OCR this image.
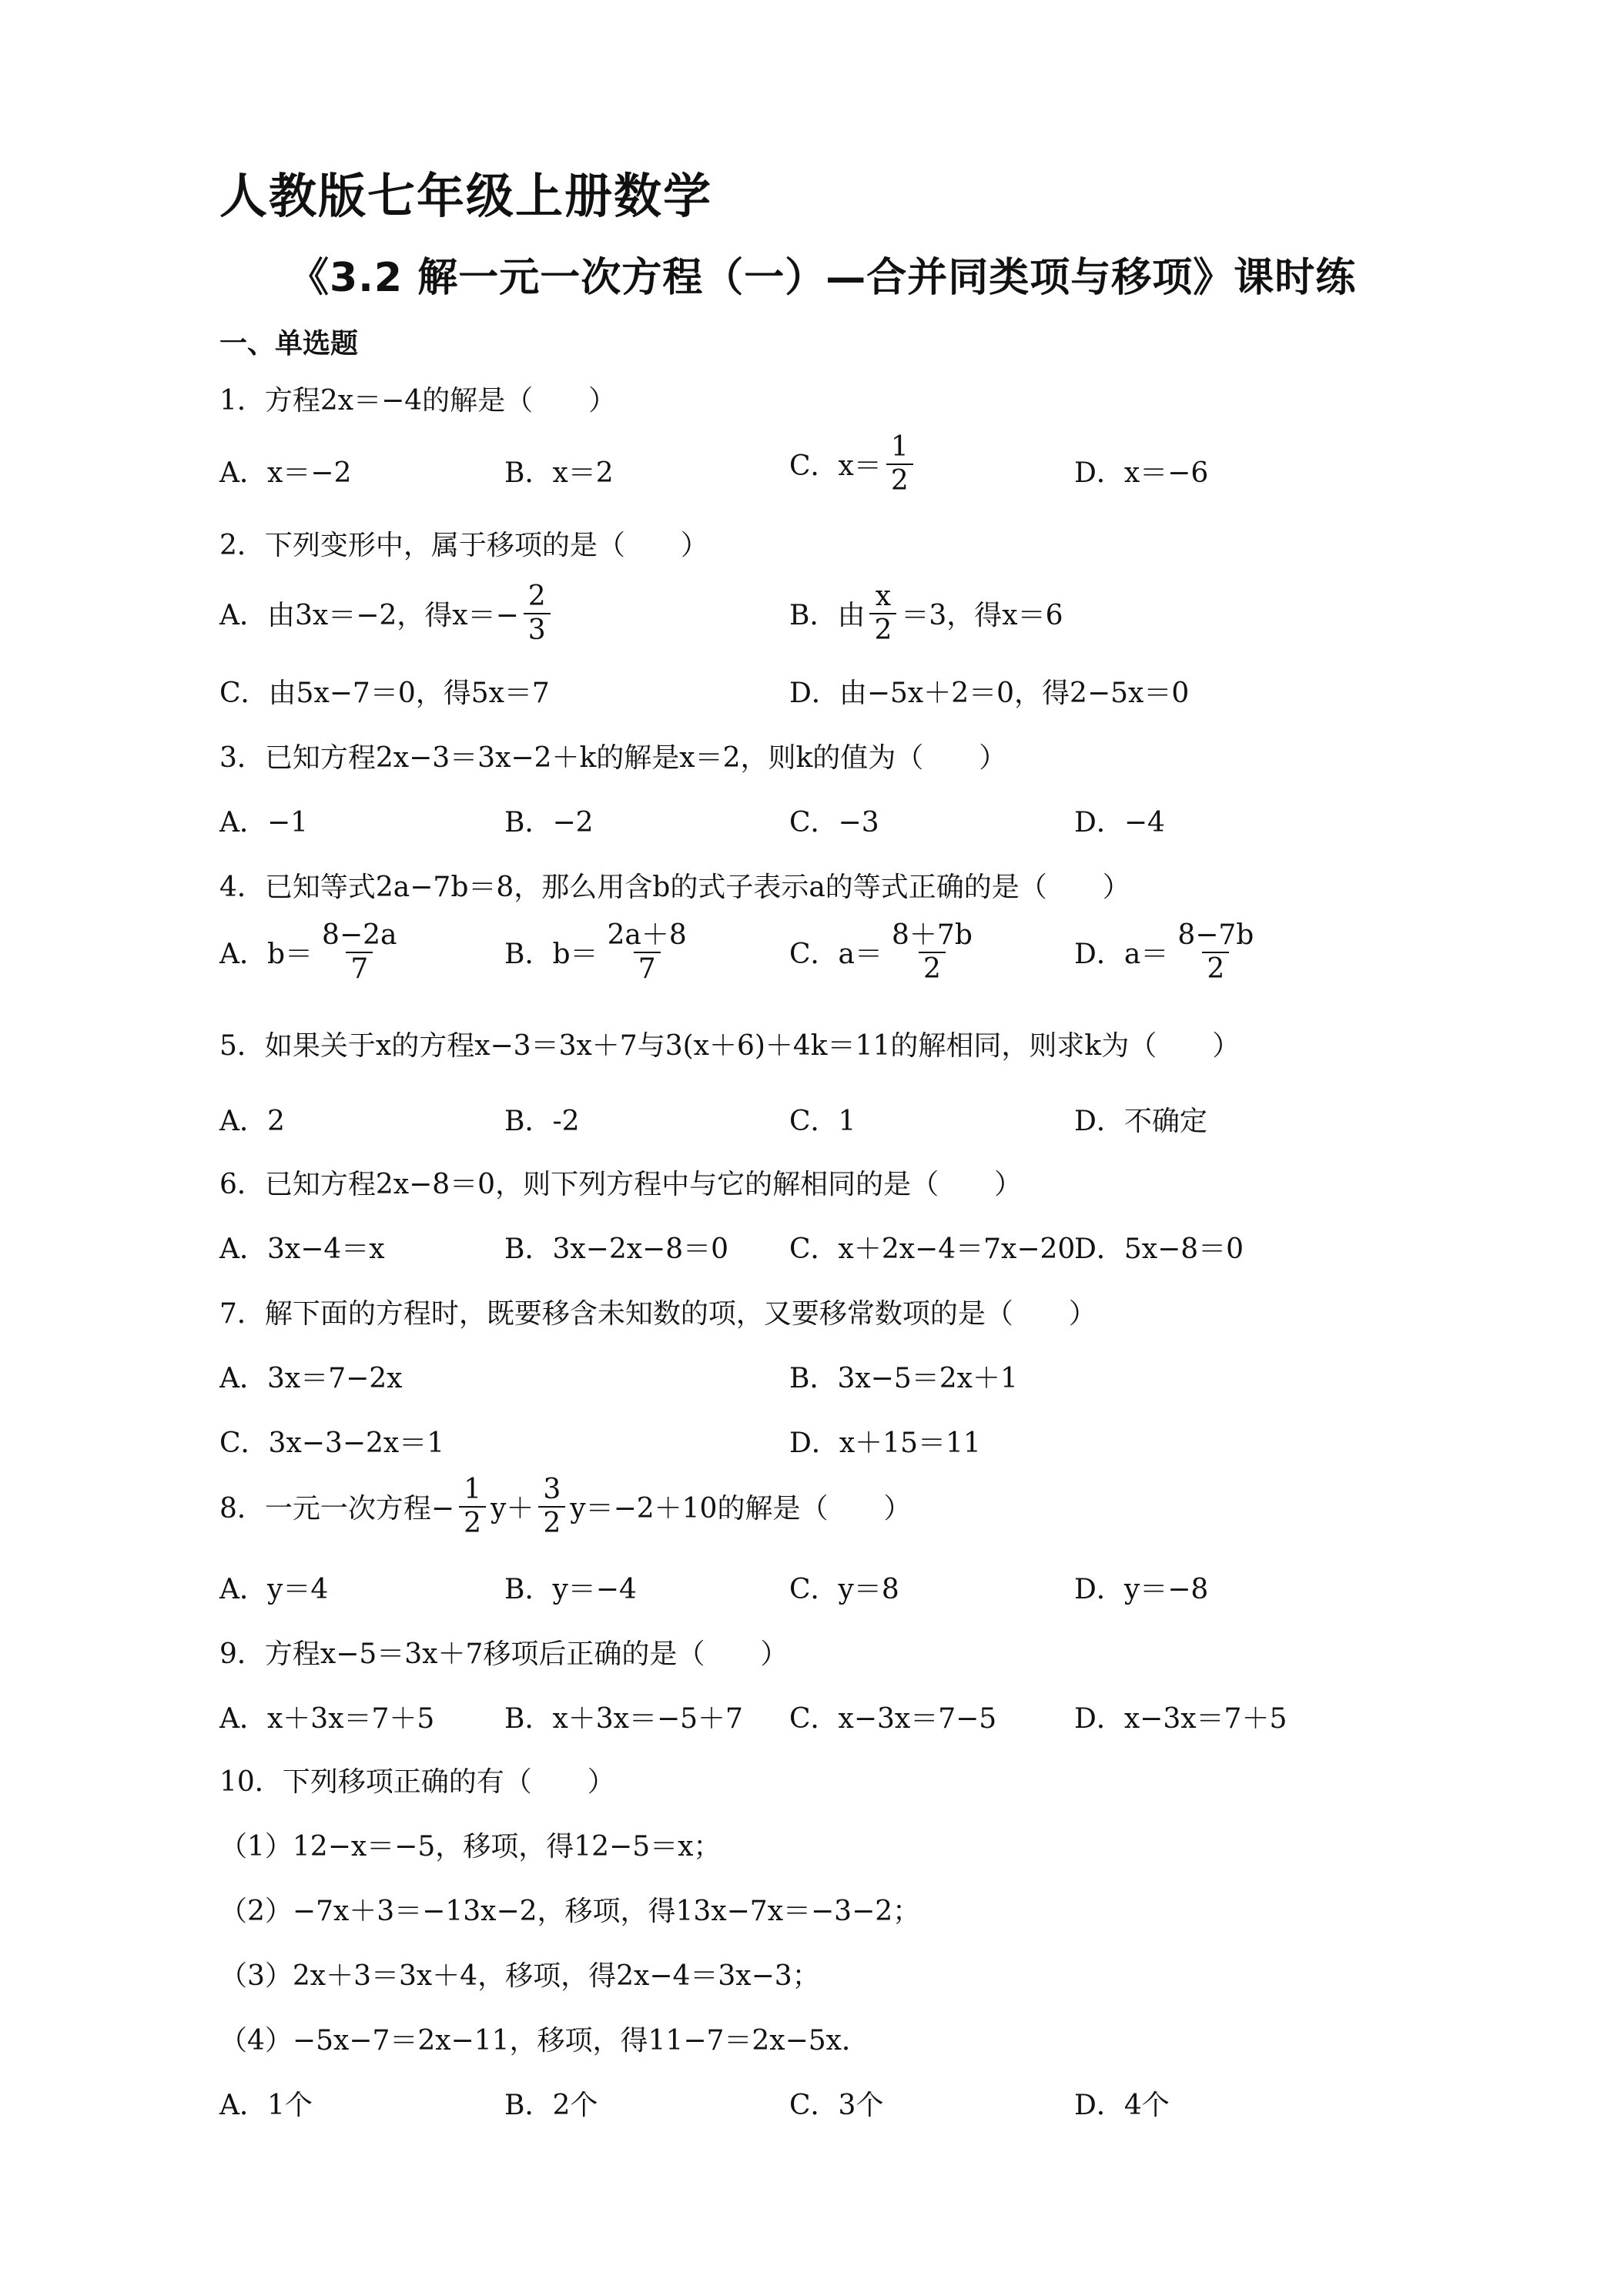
人教版七年级上册数学
《3.2 解一元一次方程（一）—合并同类项与移项》课时练
一、单选题
1．方程2x＝−4的解是（　　）
A．x＝−2	B．x＝2	C．$x= \frac{1}{2}$	D．x＝−6
2．下列变形中，属于移项的是（　　）
A．由3x＝−2，得$x=- \frac{2}{3}$	B．由 $\frac{x}{2} =3$，得x＝6
C．由5x−7＝0，得5x＝7	D．由−5x＋2＝0，得2−5x＝0
3．已知方程2x−3＝3x−2＋k的解是x＝2，则k的值为（　　）
A．−1	B．−2	C．−3	D．−4
4．已知等式2a−7b＝8，那么用含b的式子表示a的等式正确的是（　　）
A．$b= \frac{8-2a}{7}$	B．$b= \frac{2a+8}{7}$	C．$a= \frac{8+7b}{2}$	D．$a= \frac{8-7b}{2}$
5．如果关于x的方程x−3＝3x＋7与3(x＋6)＋4k＝11的解相同，则求k为（　　）
A．2	B．-2	C．1	D．不确定
6．已知方程2x−8＝0，则下列方程中与它的解相同的是（　　）
A．3x−4＝x	B．3x−2x−8＝0 C．x＋2x−4＝7x−20
D．5x−8＝0
7．解下面的方程时，既要移含未知数的项，又要移常数项的是（　　）
A．3x＝7−2x	B．3x−5＝2x＋1
C．3x−3−2x＝1	D．x＋15＝11
8．一元一次方程− $\frac{1}{2} y+ \frac{3}{2} y=-2+10$的解是（　　）
A．y＝4	B．y＝−4	C．y＝8	D．y＝−8
9．方程x−5＝3x＋7移项后正确的是（　　）
A．x＋3x＝7＋5	B．x＋3x＝−5＋7 C．x−3x＝7−5	D．x−3x＝7＋5
10．下列移项正确的有（　　）
（1）12−x＝−5，移项，得12−5＝x；
（2）−7x＋3＝−13x−2，移项，得13x−7x＝−3−2；
（3）2x＋3＝3x＋4，移项，得2x−4＝3x−3；
（4）−5x−7＝2x−11，移项，得11−7＝2x−5x．
A．1个	B．2个	C．3个	D．4个
